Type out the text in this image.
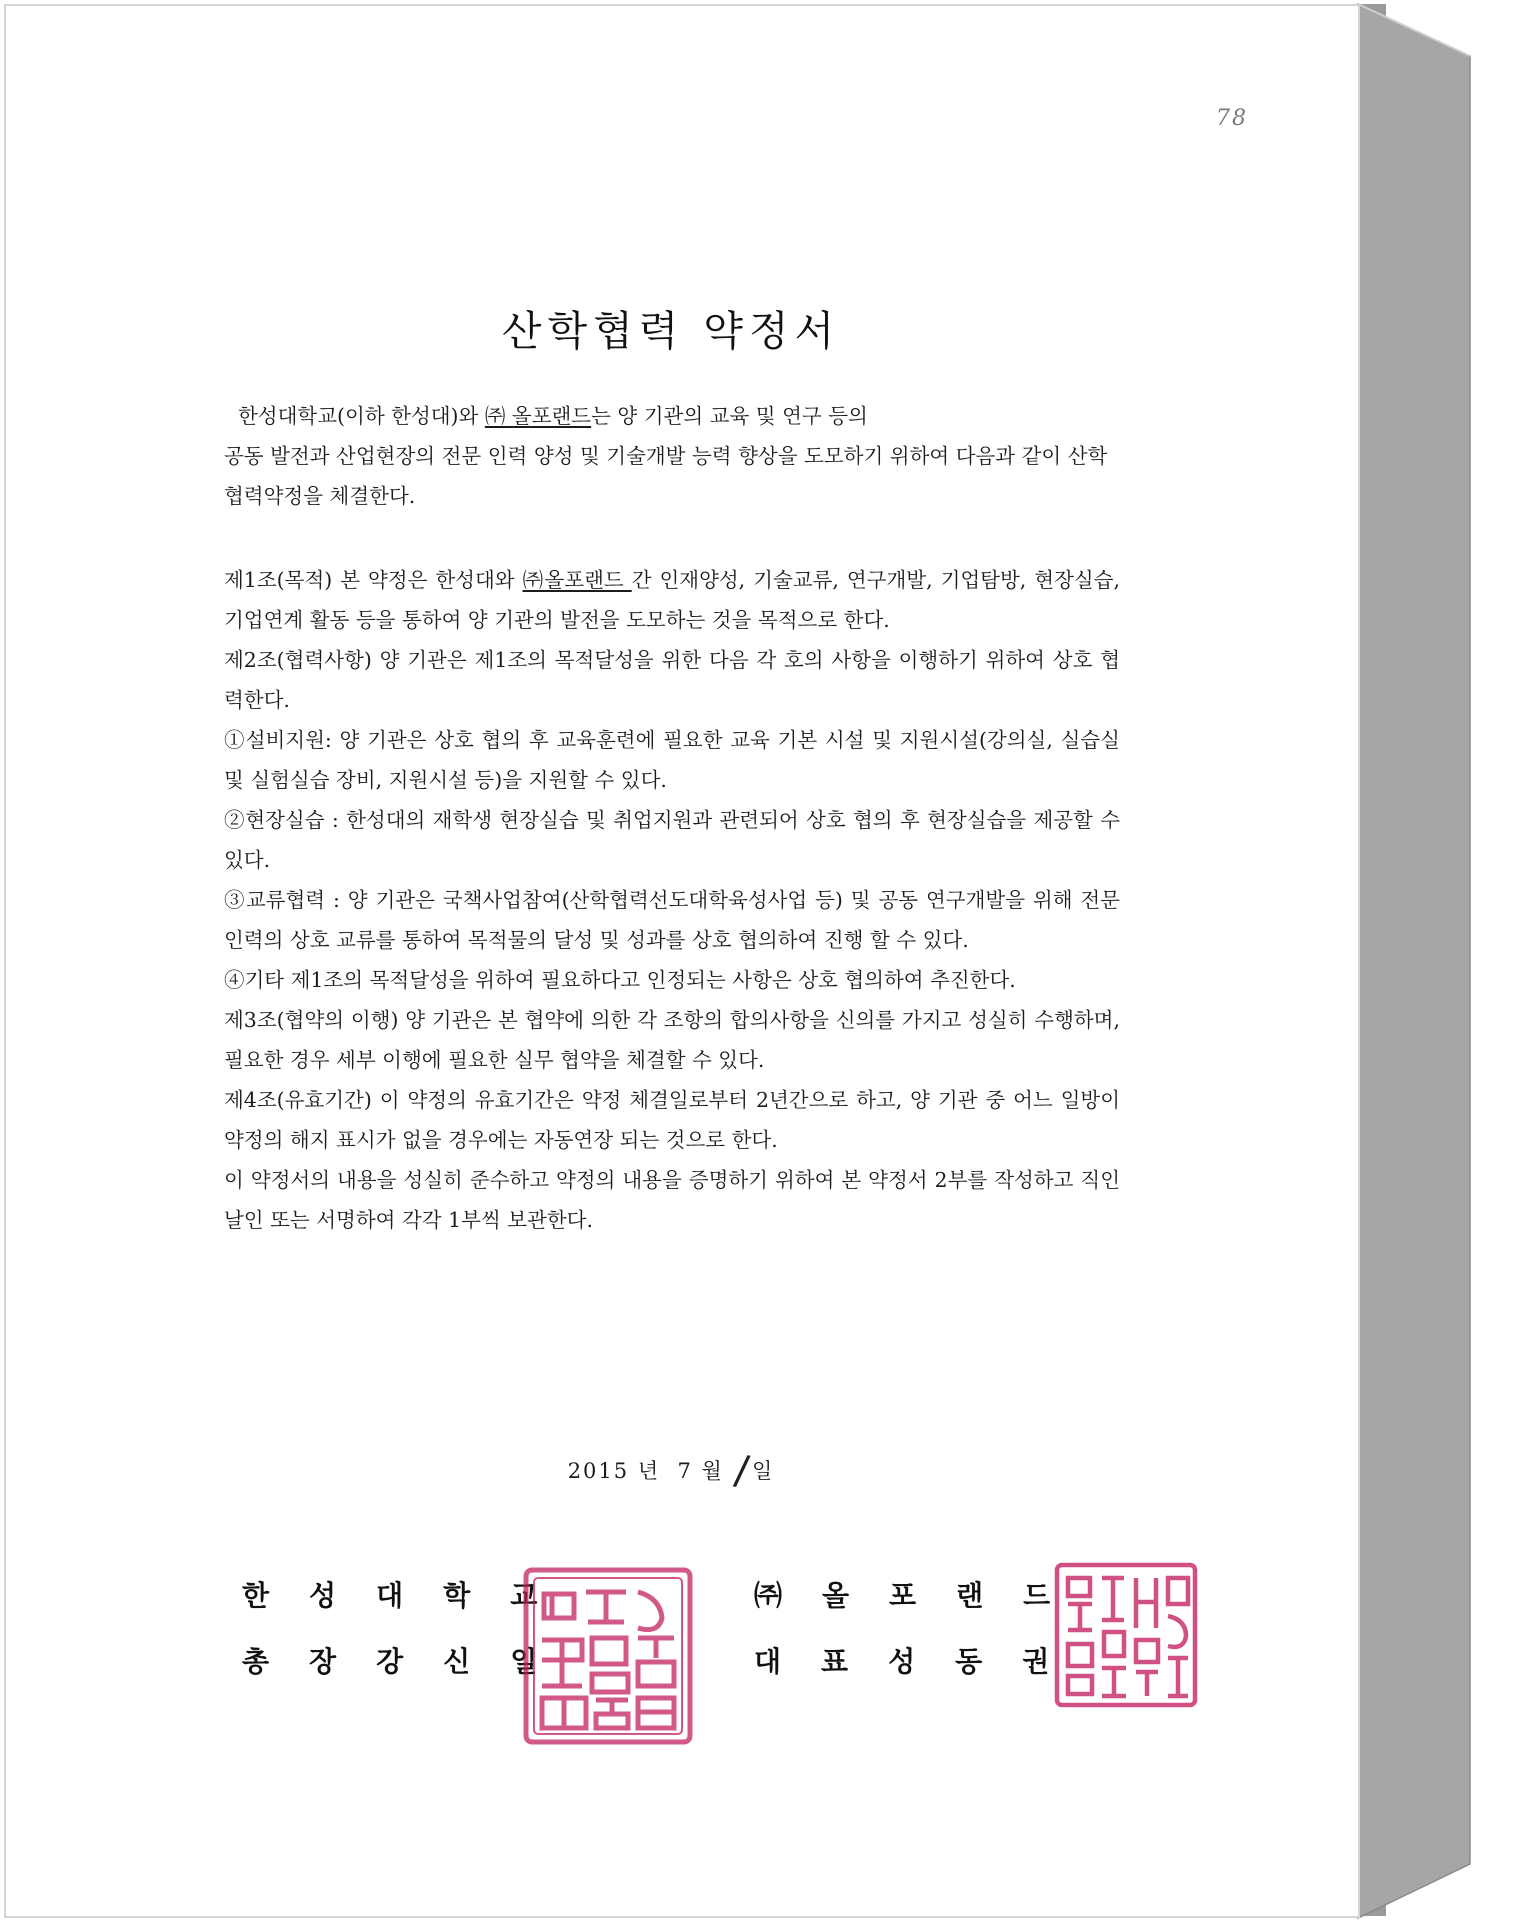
78
산학협력 약정서
한성대학교(이하 한성대)와 ㈜ 올포랜드는 양 기관의 교육 및 연구 등의
공동 발전과 산업현장의 전문 인력 양성 및 기술개발 능력 향상을 도모하기 위하여 다음과 같이 산학협력약정을 체결한다.

제1조(목적) 본 약정은 한성대와 ㈜올포랜드 간 인재양성, 기술교류, 연구개발, 기업탐방, 현장실습, 기업연계 활동 등을 통하여 양 기관의 발전을 도모하는 것을 목적으로 한다.

제2조(협력사항) 양 기관은 제1조의 목적달성을 위한 다음 각 호의 사항을 이행하기 위하여 상호 협력한다.

①설비지원: 양 기관은 상호 협의 후 교육훈련에 필요한 교육 기본 시설 및 지원시설(강의실, 실습실 및 실험실습 장비, 지원시설 등)을 지원할 수 있다.

②현장실습 : 한성대의 재학생 현장실습 및 취업지원과 관련되어 상호 협의 후 현장실습을 제공할 수 있다.

③교류협력 : 양 기관은 국책사업참여(산학협력선도대학육성사업 등) 및 공동 연구개발을 위해 전문인력의 상호 교류를 통하여 목적물의 달성 및 성과를 상호 협의하여 진행 할 수 있다.

④기타 제1조의 목적달성을 위하여 필요하다고 인정되는 사항은 상호 협의하여 추진한다.

제3조(협약의 이행) 양 기관은 본 협약에 의한 각 조항의 합의사항을 신의를 가지고 성실히 수행하며, 필요한 경우 세부 이행에 필요한 실무 협약을 체결할 수 있다.

제4조(유효기간) 이 약정의 유효기간은 약정 체결일로부터 2년간으로 하고, 양 기관 중 어느 일방이 약정의 해지 표시가 없을 경우에는 자동연장 되는 것으로 한다.

이 약정서의 내용을 성실히 준수하고 약정의 내용을 증명하기 위하여 본 약정서 2부를 작성하고 직인날인 또는 서명하여 각각 1부씩 보관한다.

2015 년 7 월 /일
한성대학교
총장강신일
㈜올포랜드
대표성동권
